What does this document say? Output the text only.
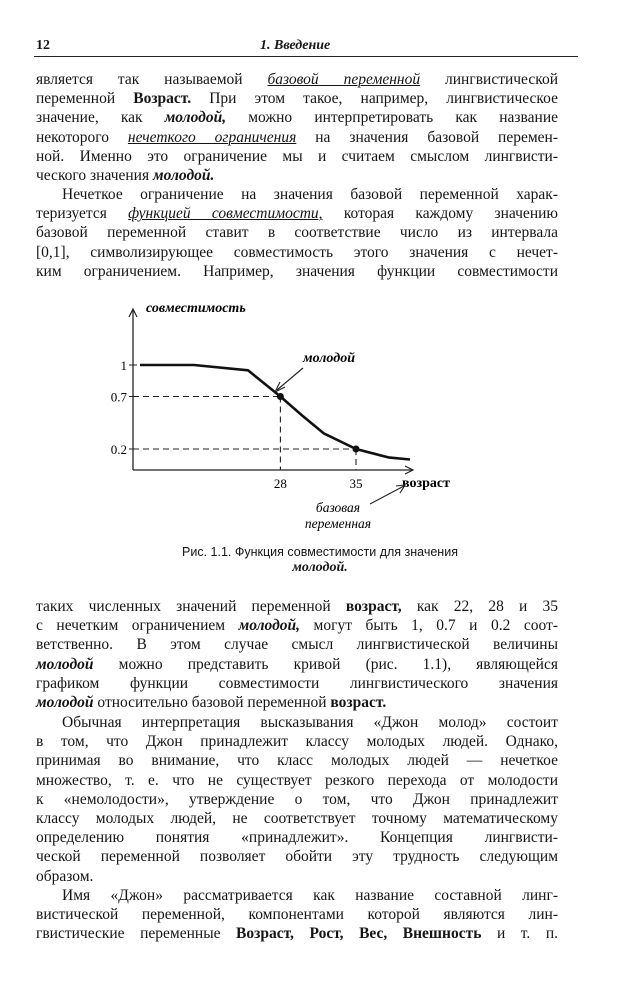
12	1. Введение
является так называемой базовой переменной лингвистической
переменной Возраст. При этом такое, например, лингвистическое
значение, как молодой, можно интерпретировать как название
некоторого нечеткого ограничения на значения базовой перемен-
ной. Именно это ограничение мы и считаем смыслом лингвисти-
ческого значения молодой.
Нечеткое ограничение на значения базовой переменной харак-
теризуется функцией совместимости, которая каждому значению
базовой переменной ставит в соответствие число из интервала
[0,1], символизирующее совместимость этого значения с нечет-
ким ограничением. Например, значения функции совместимости
совместимость
возраст
1
0.7
0.2
28	35
молодой
базовая
переменная
Рис. 1.1. Функция совместимости для значения
молодой.
таких численных значений переменной возраст, как 22, 28 и 35
с нечетким ограничением молодой, могут быть 1, 0.7 и 0.2 соот-
ветственно. В этом случае смысл лингвистической величины
молодой можно представить кривой (рис. 1.1), являющейся
графиком функции совместимости лингвистического значения
молодой относительно базовой переменной возраст.
Обычная интерпретация высказывания «Джон молод» состоит
в том, что Джон принадлежит классу молодых людей. Однако,
принимая во внимание, что класс молодых людей — нечеткое
множество, т. е. что не существует резкого перехода от молодости
к «немолодости», утверждение о том, что Джон принадлежит
классу молодых людей, не соответствует точному математическому
определению понятия «принадлежит». Концепция лингвисти-
ческой переменной позволяет обойти эту трудность следующим
образом.
Имя «Джон» рассматривается как название составной линг-
вистической переменной, компонентами которой являются лин-
гвистические переменные Возраст, Рост, Вес, Внешность и т. п.
